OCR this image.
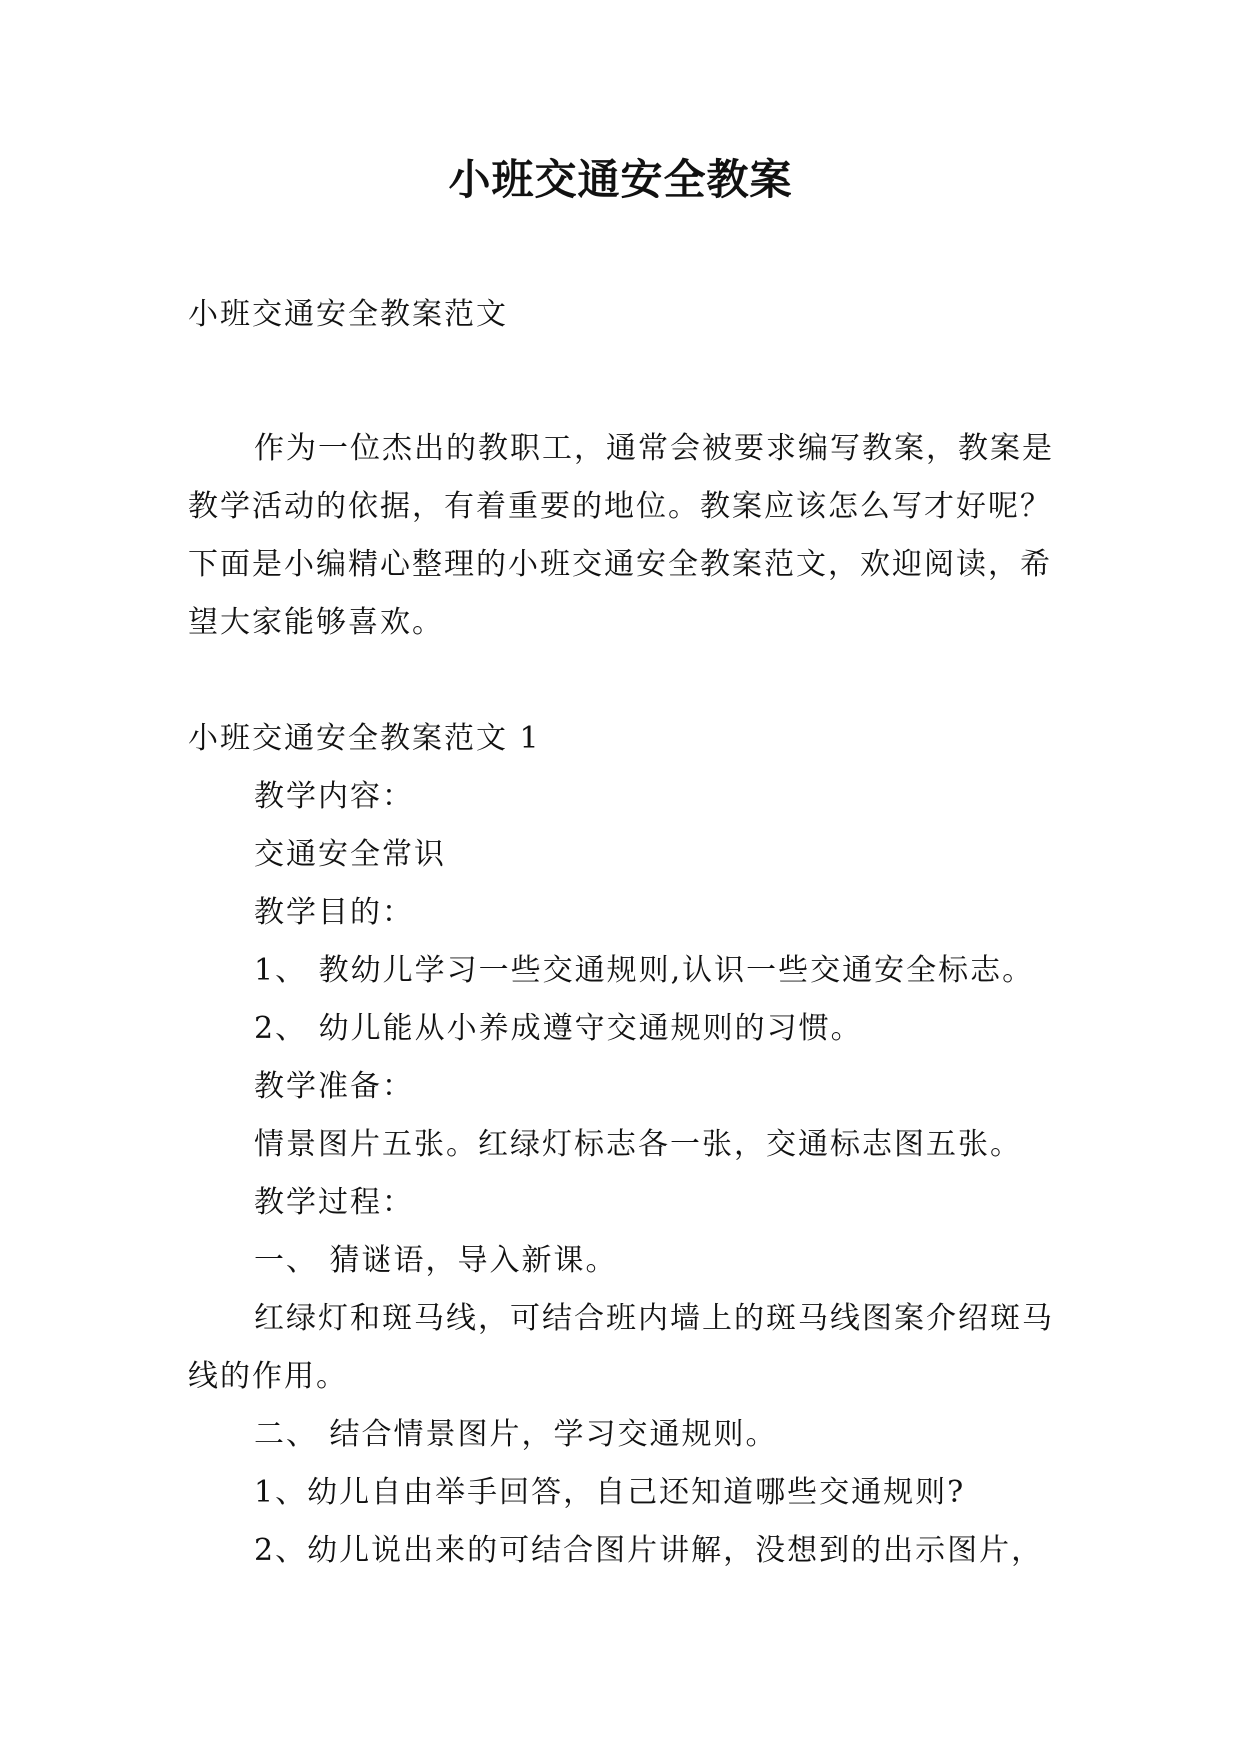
小班交通安全教案

小班交通安全教案范文

作为一位杰出的教职工，通常会被要求编写教案，教案是教学活动的依据，有着重要的地位。教案应该怎么写才好呢？下面是小编精心整理的小班交通安全教案范文，欢迎阅读，希望大家能够喜欢。

小班交通安全教案范文 1

教学内容：

交通安全常识

教学目的：

1、 教幼儿学习一些交通规则,认识一些交通安全标志。

2、 幼儿能从小养成遵守交通规则的习惯。

教学准备：

情景图片五张。红绿灯标志各一张，交通标志图五张。

教学过程：

一、 猜谜语，导入新课。

红绿灯和斑马线，可结合班内墙上的斑马线图案介绍斑马线的作用。

二、 结合情景图片，学习交通规则。

1、幼儿自由举手回答，自己还知道哪些交通规则?

2、幼儿说出来的可结合图片讲解，没想到的出示图片，
